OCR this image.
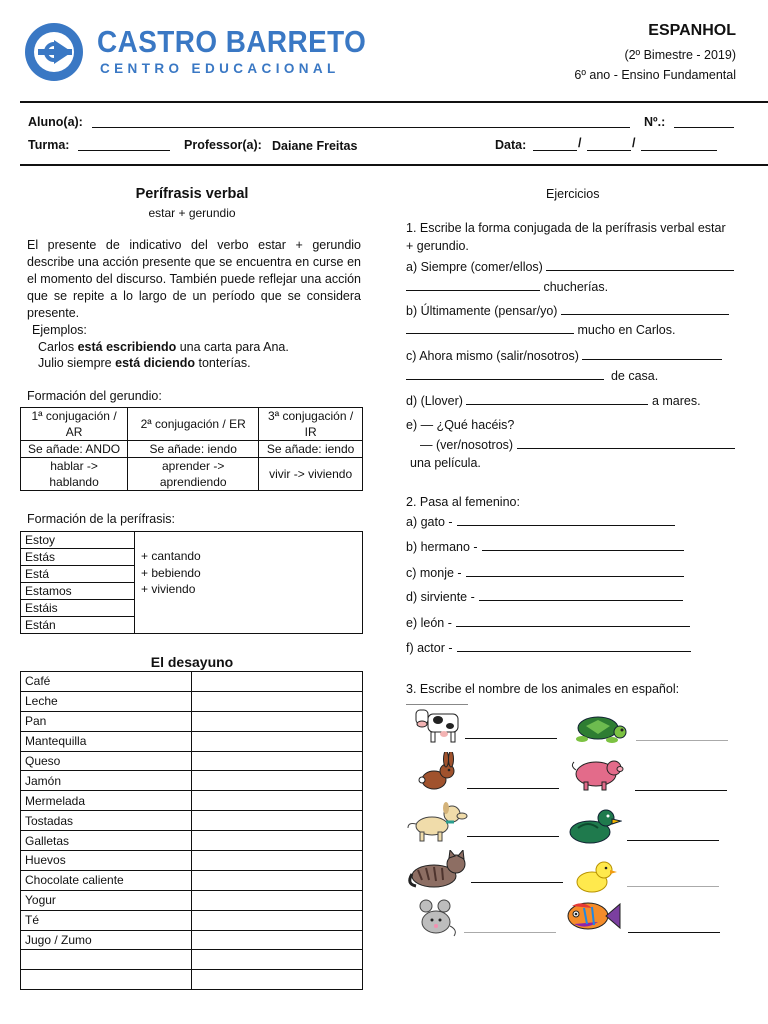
CASTRO BARRETO
CENTRO EDUCACIONAL
ESPANHOL
(2º Bimestre - 2019)
6º ano - Ensino Fundamental
Aluno(a):	Nº.:
Turma:	Professor(a): Daiane Freitas	Data:	/	/
Perífrasis verbal
estar + gerundio
El presente de indicativo del verbo estar + gerundio describe una acción presente que se encuentra en curse en el momento del discurso. También puede reflejar una acción que se repite a lo largo de un período que se considera presente.
Ejemplos:
Carlos está escribiendo una carta para Ana.
Julio siempre está diciendo tonterías.
Formación del gerundio:
1ª conjugación / AR	2ª conjugación / ER	3ª conjugación / IR
Se añade: ANDO	Se añade: iendo	Se añade: iendo
hablar -> hablando	aprender -> aprendiendo	vivir -> viviendo
Formación de la perífrasis:
Estoy	
+ cantando
+ bebiendo
+ viviendo

Estás
Está
Estamos
Estáis
Están
El desayuno
Café	
Leche	
Pan	
Mantequilla	
Queso	
Jamón	
Mermelada	
Tostadas	
Galletas	
Huevos	
Chocolate caliente	
Yogur	
Té	
Jugo / Zumo	

Ejercicios
1. Escribe la forma conjugada de la perífrasis verbal estar
+ gerundio.
a) Siempre (comer/ellos)
chucherías.
b) Últimamente (pensar/yo)
mucho en Carlos.
c) Ahora mismo (salir/nosotros)
de casa.
d) (Llover)	a mares.
e) — ¿Qué hacéis?
— (ver/nosotros)
una película.
2. Pasa al femenino:
a) gato -
b) hermano -
c) monje -
d) sirviente -
e) león -
f) actor -
3. Escribe el nombre de los animales en español:
